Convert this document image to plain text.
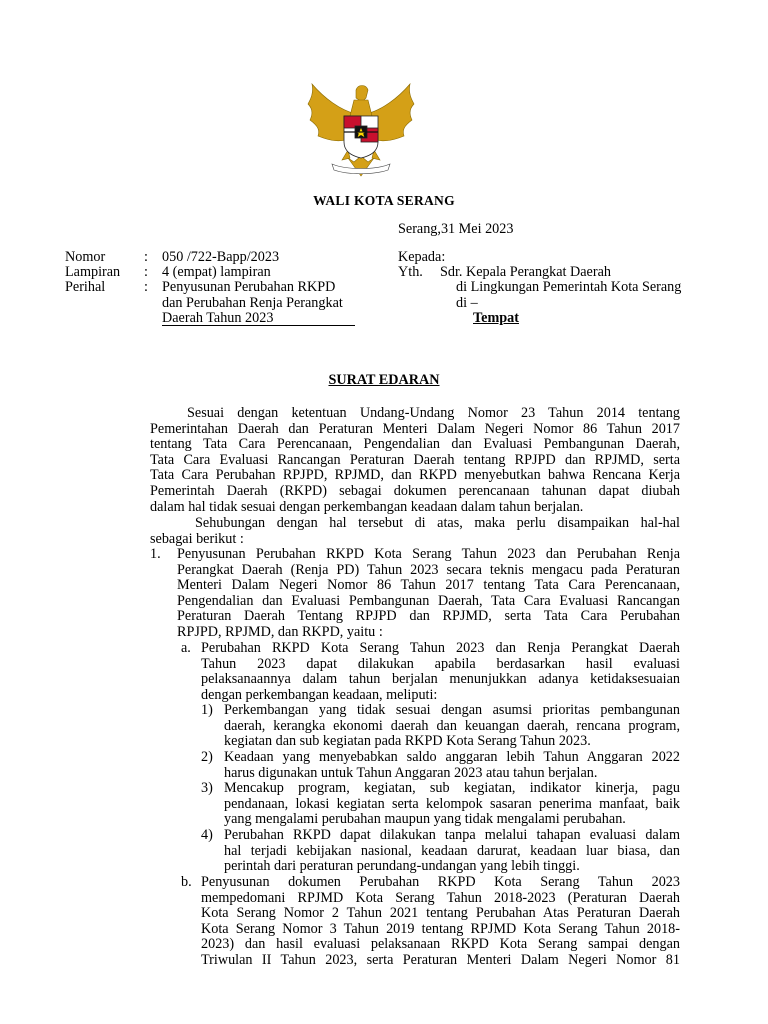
WALI KOTA SERANG
Serang,31 Mei 2023
Nomor	: 050 /722-Bapp/2023
Lampiran	: 4 (empat) lampiran
Perihal	: Penyusunan Perubahan RKPD
dan Perubahan Renja Perangkat
Daerah Tahun 2023
Kepada:
Yth. Sdr. Kepala Perangkat Daerah
di Lingkungan Pemerintah Kota Serang
di –
Tempat
SURAT EDARAN

Sesuai dengan ketentuan Undang-Undang Nomor 23 Tahun 2014 tentang

Pemerintahan Daerah dan Peraturan Menteri Dalam Negeri Nomor 86 Tahun 2017

tentang Tata Cara Perencanaan, Pengendalian dan Evaluasi Pembangunan Daerah,

Tata Cara Evaluasi Rancangan Peraturan Daerah tentang RPJPD dan RPJMD, serta

Tata Cara Perubahan RPJPD, RPJMD, dan RKPD menyebutkan bahwa Rencana Kerja

Pemerintah Daerah (RKPD) sebagai dokumen perencanaan tahunan dapat diubah

dalam hal tidak sesuai dengan perkembangan keadaan dalam tahun berjalan.

Sehubungan dengan hal tersebut di atas, maka perlu disampaikan hal-hal

sebagai berikut :

1. Penyusunan Perubahan RKPD Kota Serang Tahun 2023 dan Perubahan Renja

Perangkat Daerah (Renja PD) Tahun 2023 secara teknis mengacu pada Peraturan

Menteri Dalam Negeri Nomor 86 Tahun 2017 tentang Tata Cara Perencanaan,

Pengendalian dan Evaluasi Pembangunan Daerah, Tata Cara Evaluasi Rancangan

Peraturan Daerah Tentang RPJPD dan RPJMD, serta Tata Cara Perubahan

RPJPD, RPJMD, dan RKPD, yaitu :

a. Perubahan RKPD Kota Serang Tahun 2023 dan Renja Perangkat Daerah

Tahun 2023 dapat dilakukan apabila berdasarkan hasil evaluasi

pelaksanaannya dalam tahun berjalan menunjukkan adanya ketidaksesuaian

dengan perkembangan keadaan, meliputi:

1) Perkembangan yang tidak sesuai dengan asumsi prioritas pembangunan

daerah, kerangka ekonomi daerah dan keuangan daerah, rencana program,

kegiatan dan sub kegiatan pada RKPD Kota Serang Tahun 2023.

2) Keadaan yang menyebabkan saldo anggaran lebih Tahun Anggaran 2022

harus digunakan untuk Tahun Anggaran 2023 atau tahun berjalan.

3) Mencakup program, kegiatan, sub kegiatan, indikator kinerja, pagu

pendanaan, lokasi kegiatan serta kelompok sasaran penerima manfaat, baik

yang mengalami perubahan maupun yang tidak mengalami perubahan.

4) Perubahan RKPD dapat dilakukan tanpa melalui tahapan evaluasi dalam

hal terjadi kebijakan nasional, keadaan darurat, keadaan luar biasa, dan

perintah dari peraturan perundang-undangan yang lebih tinggi.

b. Penyusunan dokumen Perubahan RKPD Kota Serang Tahun 2023

mempedomani RPJMD Kota Serang Tahun 2018-2023 (Peraturan Daerah

Kota Serang Nomor 2 Tahun 2021 tentang Perubahan Atas Peraturan Daerah

Kota Serang Nomor 3 Tahun 2019 tentang RPJMD Kota Serang Tahun 2018-

2023) dan hasil evaluasi pelaksanaan RKPD Kota Serang sampai dengan

Triwulan II Tahun 2023, serta Peraturan Menteri Dalam Negeri Nomor 81
